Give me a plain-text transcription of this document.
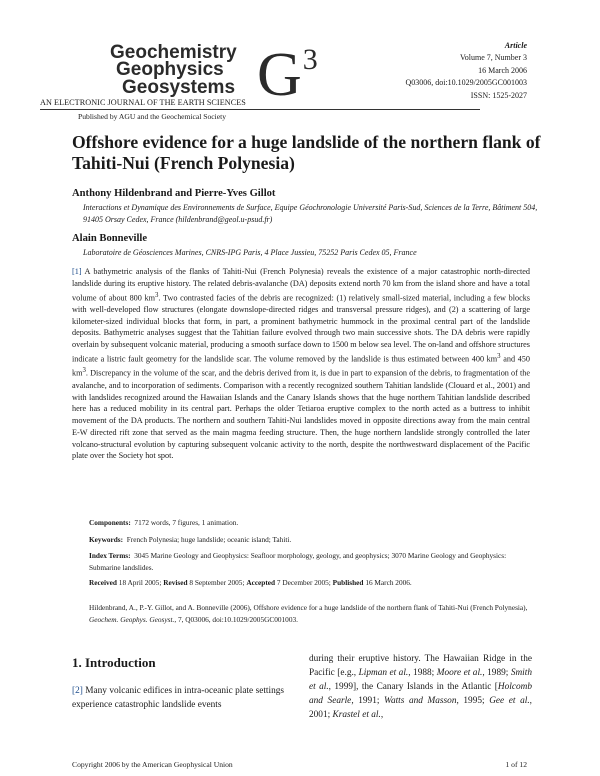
Geochemistry
Geophysics
Geosystems $G^3$
AN ELECTRONIC JOURNAL OF THE EARTH SCIENCES
Published by AGU and the Geochemical Society
Article
Volume 7, Number 3
16 March 2006
Q03006, doi:10.1029/2005GC001003
ISSN: 1525-2027
Offshore evidence for a huge landslide of the northern flank of Tahiti-Nui (French Polynesia)
Anthony Hildenbrand and Pierre-Yves Gillot
Interactions et Dynamique des Environnements de Surface, Equipe Géochronologie Université Paris-Sud, Sciences de la Terre, Bâtiment 504, 91405 Orsay Cedex, France (hildenbrand@geol.u-psud.fr)
Alain Bonneville
Laboratoire de Géosciences Marines, CNRS-IPG Paris, 4 Place Jussieu, 75252 Paris Cedex 05, France

[1] A bathymetric analysis of the flanks of Tahiti-Nui (French Polynesia) reveals the existence of a major catastrophic north-directed landslide during its eruptive history. The related debris-avalanche (DA) deposits extend north 70 km from the island shore and have a total volume of about 800 $km^3$. Two contrasted facies of the debris are recognized: (1) relatively small-sized material, including a few blocks with well-developed flow structures (elongate downslope-directed ridges and transversal pressure ridges), and (2) a scattering of large kilometer-sized individual blocks that form, in part, a prominent bathymetric hummock in the proximal central part of the landslide deposits. Bathymetric analyses suggest that the Tahitian failure evolved through two main successive shots. The DA debris were rapidly overlain by subsequent volcanic material, producing a smooth surface down to 1500 m below sea level. The on-land and offshore structures indicate a listric fault geometry for the landslide scar. The volume removed by the landslide is thus estimated between 400 $km^3$ and 450 $km^3$. Discrepancy in the volume of the scar, and the debris derived from it, is due in part to expansion of the debris, to fragmentation of the avalanche, and to incorporation of sediments. Comparison with a recently recognized southern Tahitian landslide (Clouard et al., 2001) and with landslides recognized around the Hawaiian Islands and the Canary Islands shows that the huge northern Tahitian landslide described here has a reduced mobility in its central part. Perhaps the older Tetiaroa eruptive complex to the north acted as a buttress to inhibit movement of the DA products. The northern and southern Tahiti-Nui landslides moved in opposite directions away from the main central E-W directed rift zone that served as the main magma feeding structure. Then, the huge northern landslide strongly controlled the later volcano-structural evolution by capturing subsequent volcanic activity to the north, despite the northwestward displacement of the Pacific plate over the Society hot spot.

Components: 7172 words, 7 figures, 1 animation.
Keywords: French Polynesia; huge landslide; oceanic island; Tahiti.
Index Terms: 3045 Marine Geology and Geophysics: Seafloor morphology, geology, and geophysics; 3070 Marine Geology and Geophysics: Submarine landslides.
Received 18 April 2005; Revised 8 September 2005; Accepted 7 December 2005; Published 16 March 2006.
Hildenbrand, A., P.-Y. Gillot, and A. Bonneville (2006), Offshore evidence for a huge landslide of the northern flank of Tahiti-Nui (French Polynesia), Geochem. Geophys. Geosyst., 7, Q03006, doi:10.1029/2005GC001003.
1. Introduction

[2] Many volcanic edifices in intra-oceanic plate settings experience catastrophic landslide events

during their eruptive history. The Hawaiian Ridge in the Pacific [e.g., Lipman et al., 1988; Moore et al., 1989; Smith et al., 1999], the Canary Islands in the Atlantic [Holcomb and Searle, 1991; Watts and Masson, 1995; Gee et al., 2001; Krastel et al.,

Copyright 2006 by the American Geophysical Union	1 of 12
